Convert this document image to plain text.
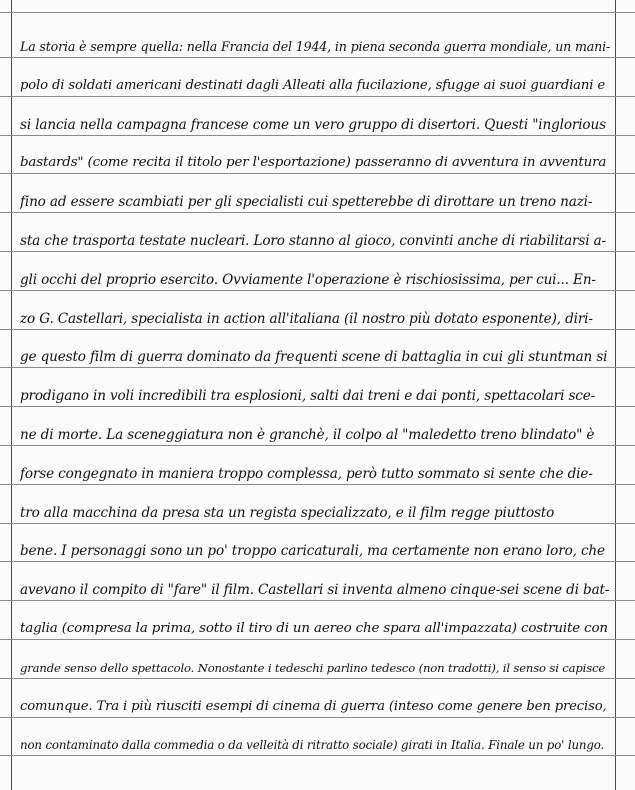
La storia è sempre quella: nella Francia del 1944, in piena seconda guerra mondiale, un mani-
polo di soldati americani destinati dagli Alleati alla fucilazione, sfugge ai suoi guardiani e
si lancia nella campagna francese come un vero gruppo di disertori. Questi "inglorious
bastards" (come recita il titolo per l'esportazione) passeranno di avventura in avventura
fino ad essere scambiati per gli specialisti cui spetterebbe di dirottare un treno nazi-
sta che trasporta testate nucleari. Loro stanno al gioco, convinti anche di riabilitarsi a-
gli occhi del proprio esercito. Ovviamente l'operazione è rischiosissima, per cui... En-
zo G. Castellari, specialista in action all'italiana (il nostro più dotato esponente), diri-
ge questo film di guerra dominato da frequenti scene di battaglia in cui gli stuntman si
prodigano in voli incredibili tra esplosioni, salti dai treni e dai ponti, spettacolari sce-
ne di morte. La sceneggiatura non è granchè, il colpo al "maledetto treno blindato" è
forse congegnato in maniera troppo complessa, però tutto sommato si sente che die-
tro alla macchina da presa sta un regista specializzato, e il film regge piuttosto
bene. I personaggi sono un po' troppo caricaturali, ma certamente non erano loro, che
avevano il compito di "fare" il film. Castellari si inventa almeno cinque-sei scene di bat-
taglia (compresa la prima, sotto il tiro di un aereo che spara all'impazzata) costruite con
grande senso dello spettacolo. Nonostante i tedeschi parlino tedesco (non tradotti), il senso si capisce
comunque. Tra i più riusciti esempi di cinema di guerra (inteso come genere ben preciso,
non contaminato dalla commedia o da velleità di ritratto sociale) girati in Italia. Finale un po' lungo.
